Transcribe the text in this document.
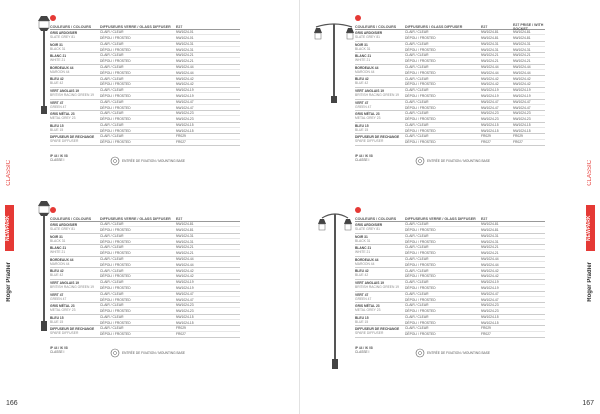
COULEURS / COLOURS	DIFFUSEURS VERRE / GLASS DIFFUSER	E27
GRIS ARDOISIER
SLATE GREY 81
CLAIR / CLEAR	NW1024-01
DÉPOLI / FROSTED	NW1024-01
NOIR 31
BLACK 31
CLAIR / CLEAR	NW1024-31
DÉPOLI / FROSTED	NW1024-31
BLANC 21
WHITE 21
CLAIR / CLEAR	NW1024-21
DÉPOLI / FROSTED	NW1024-21
BORDEAUX 44
MAROON 44
CLAIR / CLEAR	NW1024-44
DÉPOLI / FROSTED	NW1024-44
BLEU 42
BLUE 42
CLAIR / CLEAR	NW1024-42
DÉPOLI / FROSTED	NW1024-42
VERT ANGLAIS 19
BRITISH RACING GREEN 19
CLAIR / CLEAR	NW1024-19
DÉPOLI / FROSTED	NW1024-19
VERT 47
GREEN 47
CLAIR / CLEAR	NW1024-47
DÉPOLI / FROSTED	NW1024-47
GRIS MÉTAL 23
METAL GREY 23
CLAIR / CLEAR	NW1024-23
DÉPOLI / FROSTED	NW1024-23
BLEU 15
BLUE 15
CLAIR / CLEAR	NW1024-15
DÉPOLI / FROSTED	NW1024-15
DIFFUSEUR DE RECHANGE
SPARE DIFFUSER
CLAIR / CLEAR	FR029
DÉPOLI / FROSTED	FR027
IP 44 / IK 08
CLASSE I	ENTRÉE DE FIXATION / MOUNTING BASE
COULEURS / COLOURS	DIFFUSEURS VERRE / GLASS DIFFUSER	E27
GRIS ARDOISIER
SLATE GREY 81
CLAIR / CLEAR	NW1024-81
DÉPOLI / FROSTED	NW1024-81
NOIR 31
BLACK 31
CLAIR / CLEAR	NW1024-31
DÉPOLI / FROSTED	NW1024-31
BLANC 21
WHITE 21
CLAIR / CLEAR	NW1024-21
DÉPOLI / FROSTED	NW1024-21
BORDEAUX 44
MAROON 44
CLAIR / CLEAR	NW1024-44
DÉPOLI / FROSTED	NW1024-44
BLEU 42
BLUE 42
CLAIR / CLEAR	NW1024-42
DÉPOLI / FROSTED	NW1024-42
VERT ANGLAIS 19
BRITISH RACING GREEN 19
CLAIR / CLEAR	NW1024-19
DÉPOLI / FROSTED	NW1024-19
VERT 47
GREEN 47
CLAIR / CLEAR	NW1024-47
DÉPOLI / FROSTED	NW1024-47
GRIS MÉTAL 23
METAL GREY 23
CLAIR / CLEAR	NW1024-23
DÉPOLI / FROSTED	NW1024-23
BLEU 15
BLUE 15
CLAIR / CLEAR	NW1024-15
DÉPOLI / FROSTED	NW1024-15
DIFFUSEUR DE RECHANGE
SPARE DIFFUSER
CLAIR / CLEAR	FR029
DÉPOLI / FROSTED	FR027
IP 44 / IK 08
CLASSE I	ENTRÉE DE FIXATION / MOUNTING BASE
NEWPARK
CLASSIC
Roger Pradier
166
COULEURS / COLOURS	DIFFUSEURS / GLASS DIFFUSER	E27	E27 PRISE / WITH SOCKET
GRIS ARDOISIER
SLATE GREY 81
CLAIR / CLEAR	NW1024-81	NW1024-81
DÉPOLI / FROSTED	NW1024-81	NW1024-81
NOIR 31
BLACK 31
CLAIR / CLEAR	NW1024-31	NW1024-31
DÉPOLI / FROSTED	NW1024-31	NW1024-31
BLANC 21
WHITE 21
CLAIR / CLEAR	NW1024-21	NW1024-21
DÉPOLI / FROSTED	NW1024-21	NW1024-21
BORDEAUX 44
MAROON 44
CLAIR / CLEAR	NW1024-44	NW1024-44
DÉPOLI / FROSTED	NW1024-44	NW1024-44
BLEU 42
BLUE 42
CLAIR / CLEAR	NW1024-42	NW1024-42
DÉPOLI / FROSTED	NW1024-42	NW1024-42
VERT ANGLAIS 19
BRITISH RACING GREEN 19
CLAIR / CLEAR	NW1024-19	NW1024-19
DÉPOLI / FROSTED	NW1024-19	NW1024-19
VERT 47
GREEN 47
CLAIR / CLEAR	NW1024-47	NW1024-47
DÉPOLI / FROSTED	NW1024-47	NW1024-47
GRIS MÉTAL 23
METAL GREY 23
CLAIR / CLEAR	NW1024-23	NW1024-23
DÉPOLI / FROSTED	NW1024-23	NW1024-23
BLEU 15
BLUE 15
CLAIR / CLEAR	NW1024-15	NW1024-15
DÉPOLI / FROSTED	NW1024-15	NW1024-15
DIFFUSEUR DE RECHANGE
SPARE DIFFUSER
CLAIR / CLEAR	FR029	FR029
DÉPOLI / FROSTED	FR027	FR027
IP 44 / IK 08
CLASSE I	ENTRÉE DE FIXATION / MOUNTING BASE
COULEURS / COLOURS	DIFFUSEURS VERRE / GLASS DIFFUSER	E27
GRIS ARDOISIER
SLATE GREY 81
CLAIR / CLEAR	NW1024-81
DÉPOLI / FROSTED	NW1024-81
NOIR 31
BLACK 31
CLAIR / CLEAR	NW1024-31
DÉPOLI / FROSTED	NW1024-31
BLANC 21
WHITE 21
CLAIR / CLEAR	NW1024-21
DÉPOLI / FROSTED	NW1024-21
BORDEAUX 44
MAROON 44
CLAIR / CLEAR	NW1024-44
DÉPOLI / FROSTED	NW1024-44
BLEU 42
BLUE 42
CLAIR / CLEAR	NW1024-42
DÉPOLI / FROSTED	NW1024-42
VERT ANGLAIS 19
BRITISH RACING GREEN 19
CLAIR / CLEAR	NW1024-19
DÉPOLI / FROSTED	NW1024-19
VERT 47
GREEN 47
CLAIR / CLEAR	NW1024-47
DÉPOLI / FROSTED	NW1024-47
GRIS MÉTAL 23
METAL GREY 23
CLAIR / CLEAR	NW1024-23
DÉPOLI / FROSTED	NW1024-23
BLEU 15
BLUE 15
CLAIR / CLEAR	NW1024-15
DÉPOLI / FROSTED	NW1024-15
DIFFUSEUR DE RECHANGE
SPARE DIFFUSER
CLAIR / CLEAR	FR029
DÉPOLI / FROSTED	FR027
IP 44 / IK 08
CLASSE I	ENTRÉE DE FIXATION / MOUNTING BASE
NEWPARK
CLASSIC
Roger Pradier
167
